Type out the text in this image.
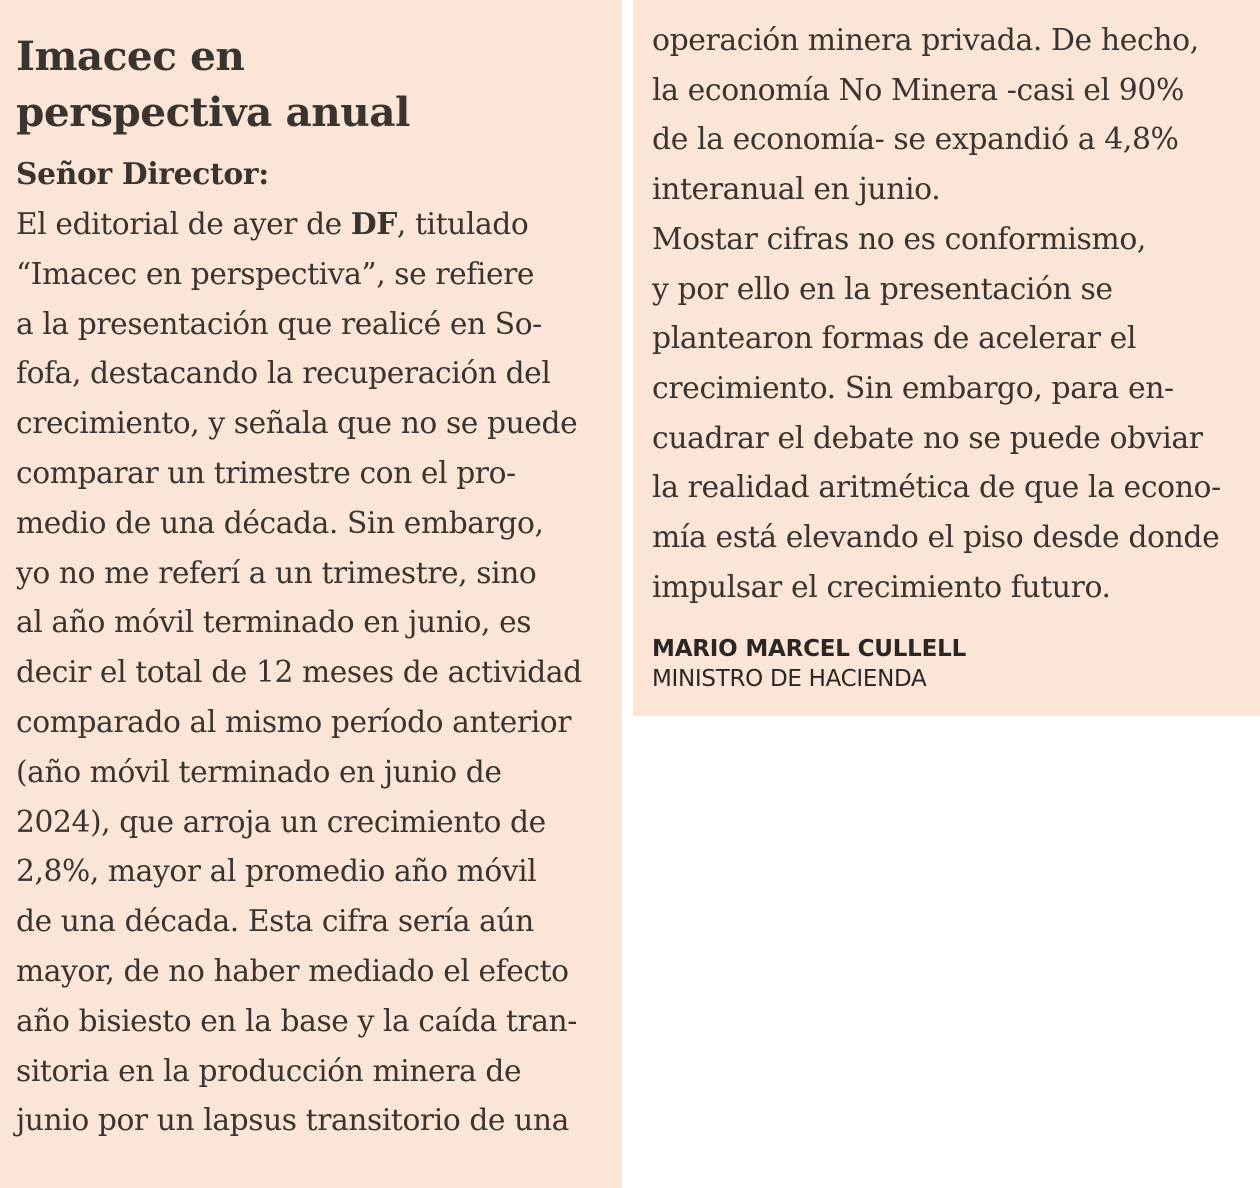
Imacec en
perspectiva anual
Señor Director:
El editorial de ayer de DF, titulado
“Imacec en perspectiva”, se refiere
a la presentación que realicé en So-
fofa, destacando la recuperación del
crecimiento, y señala que no se puede
comparar un trimestre con el pro-
medio de una década. Sin embargo,
yo no me referí a un trimestre, sino
al año móvil terminado en junio, es
decir el total de 12 meses de actividad
comparado al mismo período anterior
(año móvil terminado en junio de
2024), que arroja un crecimiento de
2,8%, mayor al promedio año móvil
de una década. Esta cifra sería aún
mayor, de no haber mediado el efecto
año bisiesto en la base y la caída tran-
sitoria en la producción minera de
junio por un lapsus transitorio de una
operación minera privada. De hecho,
la economía No Minera -casi el 90%
de la economía- se expandió a 4,8%
interanual en junio.
Mostar cifras no es conformismo,
y por ello en la presentación se
plantearon formas de acelerar el
crecimiento. Sin embargo, para en-
cuadrar el debate no se puede obviar
la realidad aritmética de que la econo-
mía está elevando el piso desde donde
impulsar el crecimiento futuro.
MARIO MARCEL CULLELL
MINISTRO DE HACIENDA
